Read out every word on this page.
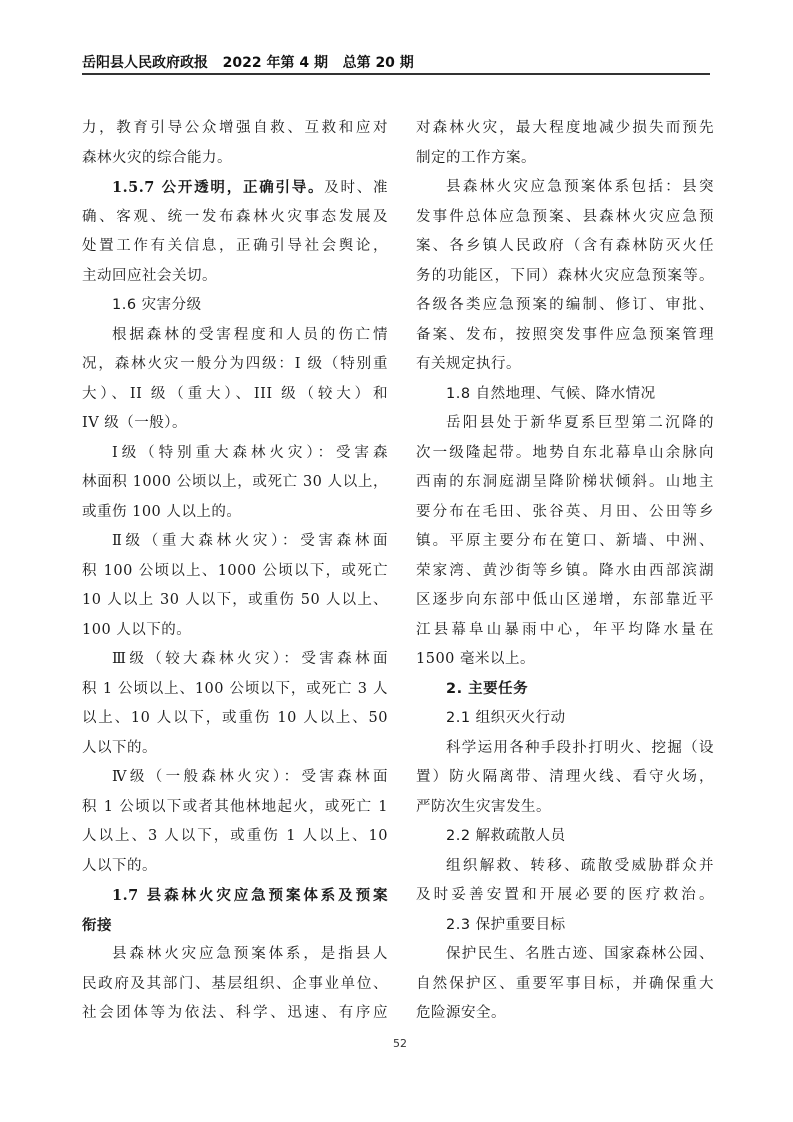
岳阳县人民政府政报   2022 年第 4 期   总第 20 期
力，教育引导公众增强自救、互救和应对
森林火灾的综合能力。
1.5.7 公开透明，正确引导。及时、准
确、客观、统一发布森林火灾事态发展及
处置工作有关信息，正确引导社会舆论，
主动回应社会关切。
1.6 灾害分级
根据森林的受害程度和人员的伤亡情
况，森林火灾一般分为四级：I 级（特别重
大）、II 级（重大）、III 级（较大）和
IV 级（一般）。
Ⅰ级（特别重大森林火灾）：受害森
林面积 1000 公顷以上，或死亡 30 人以上，
或重伤 100 人以上的。
Ⅱ级（重大森林火灾）：受害森林面
积 100 公顷以上、1000 公顷以下，或死亡
10 人以上 30 人以下，或重伤 50 人以上、
100 人以下的。
Ⅲ级（较大森林火灾）：受害森林面
积 1 公顷以上、100 公顷以下，或死亡 3 人
以上、10 人以下，或重伤 10 人以上、50
人以下的。
Ⅳ级（一般森林火灾）：受害森林面
积 1 公顷以下或者其他林地起火，或死亡 1
人以上、3 人以下，或重伤 1 人以上、10
人以下的。
1.7 县森林火灾应急预案体系及预案
衔接
县森林火灾应急预案体系，是指县人
民政府及其部门、基层组织、企事业单位、
社会团体等为依法、科学、迅速、有序应
对森林火灾，最大程度地减少损失而预先
制定的工作方案。
县森林火灾应急预案体系包括：县突
发事件总体应急预案、县森林火灾应急预
案、各乡镇人民政府（含有森林防灭火任
务的功能区，下同）森林火灾应急预案等。
各级各类应急预案的编制、修订、审批、
备案、发布，按照突发事件应急预案管理
有关规定执行。
1.8 自然地理、气候、降水情况
岳阳县处于新华夏系巨型第二沉降的
次一级隆起带。地势自东北幕阜山余脉向
西南的东洞庭湖呈降阶梯状倾斜。山地主
要分布在毛田、张谷英、月田、公田等乡
镇。平原主要分布在筻口、新墙、中洲、
荣家湾、黄沙街等乡镇。降水由西部滨湖
区逐步向东部中低山区递增，东部靠近平
江县幕阜山暴雨中心，年平均降水量在
1500 毫米以上。
2. 主要任务
2.1 组织灭火行动
科学运用各种手段扑打明火、挖掘（设
置）防火隔离带、清理火线、看守火场，
严防次生灾害发生。
2.2 解救疏散人员
组织解救、转移、疏散受威胁群众并
及时妥善安置和开展必要的医疗救治。
2.3 保护重要目标
保护民生、名胜古迹、国家森林公园、
自然保护区、重要军事目标，并确保重大
危险源安全。
52
